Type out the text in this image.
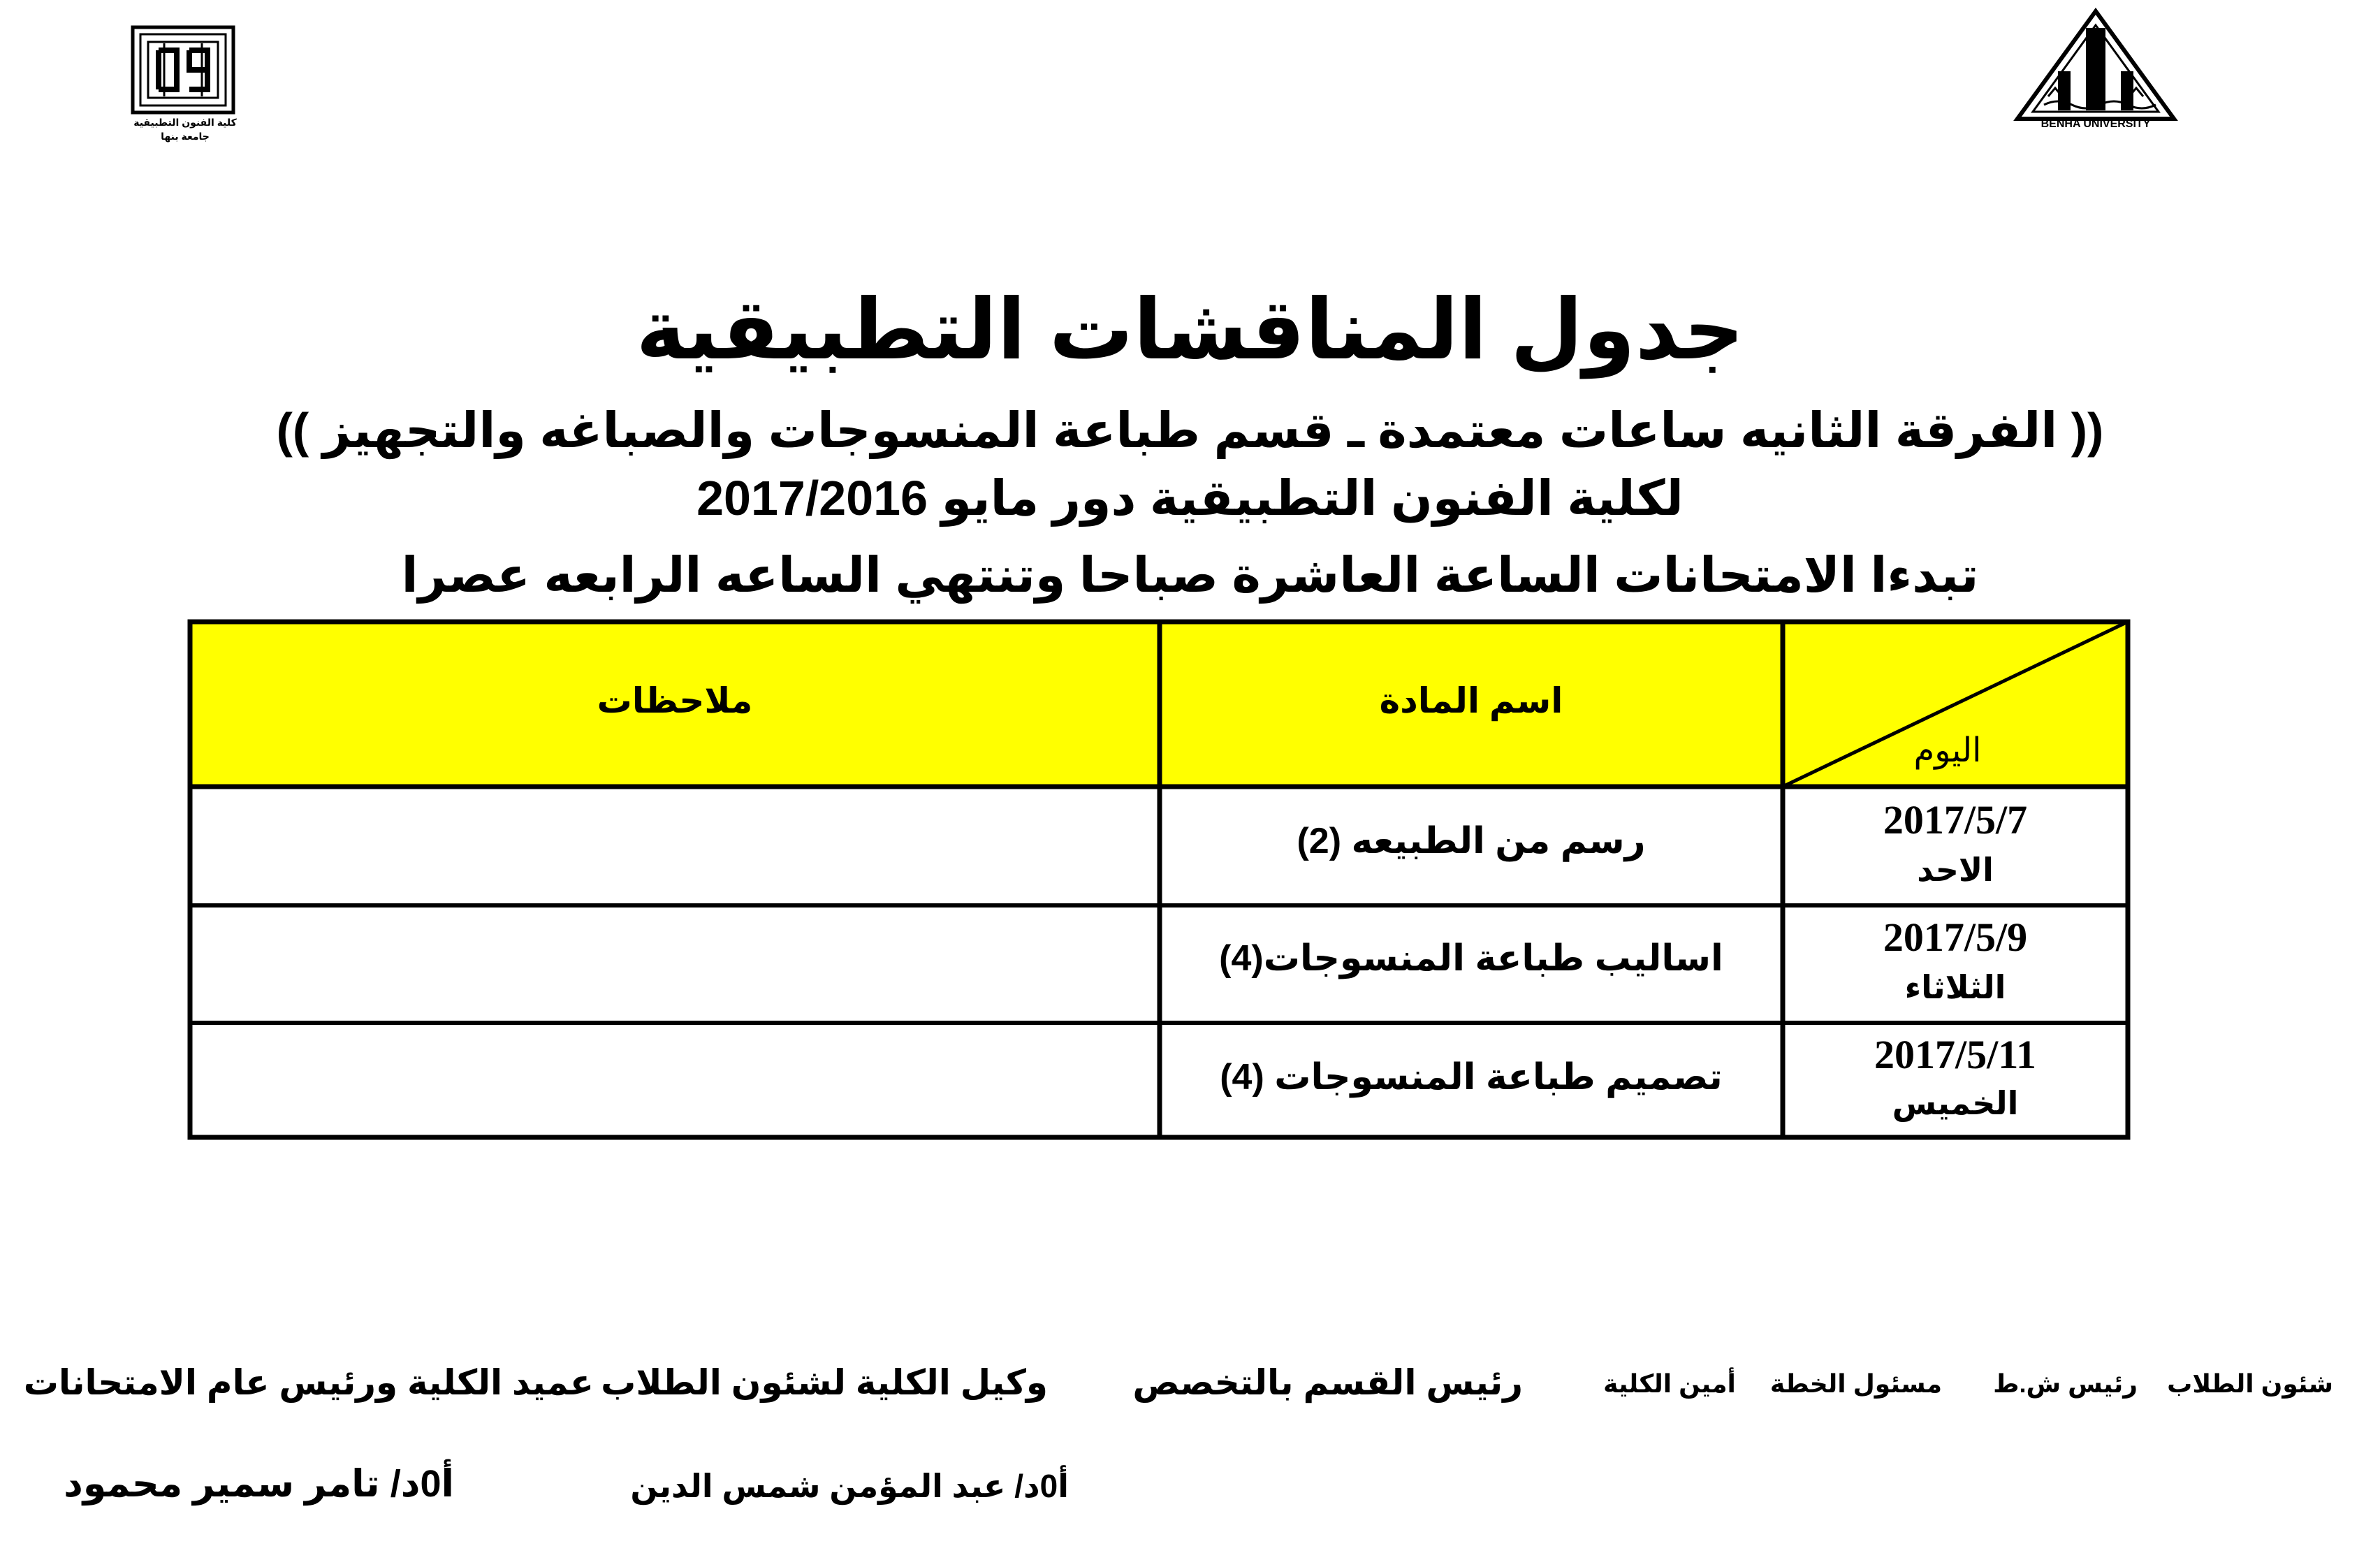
كلية الفنون التطبيقية
جامعة بنها
BENHA UNIVERSITY
جدول المناقشات التطبيقية
(( الفرقة الثانيه ساعات معتمدة ـ قسم طباعة المنسوجات والصباغه والتجهيز ))
لكلية الفنون التطبيقية دور مايو 2017/2016
تبدءا الامتحانات الساعة العاشرة صباحا وتنتهي الساعه الرابعه عصرا
ملاحظات	اسم المادة
اليوم
2017/5/7
الاحد
رسم من الطبيعه (2)
2017/5/9
الثلاثاء
اساليب طباعة المنسوجات(4)
2017/5/11
الخميس
تصميم طباعة المنسوجات (4)
شئون الطلاب
رئيس ش.ط
مسئول الخطة
أمين الكلية
رئيس القسم بالتخصص
وكيل الكلية لشئون الطلاب
عميد الكلية ورئيس عام الامتحانات
أ0د/ عبد المؤمن شمس الدين
أ0د/ تامر سمير محمود
